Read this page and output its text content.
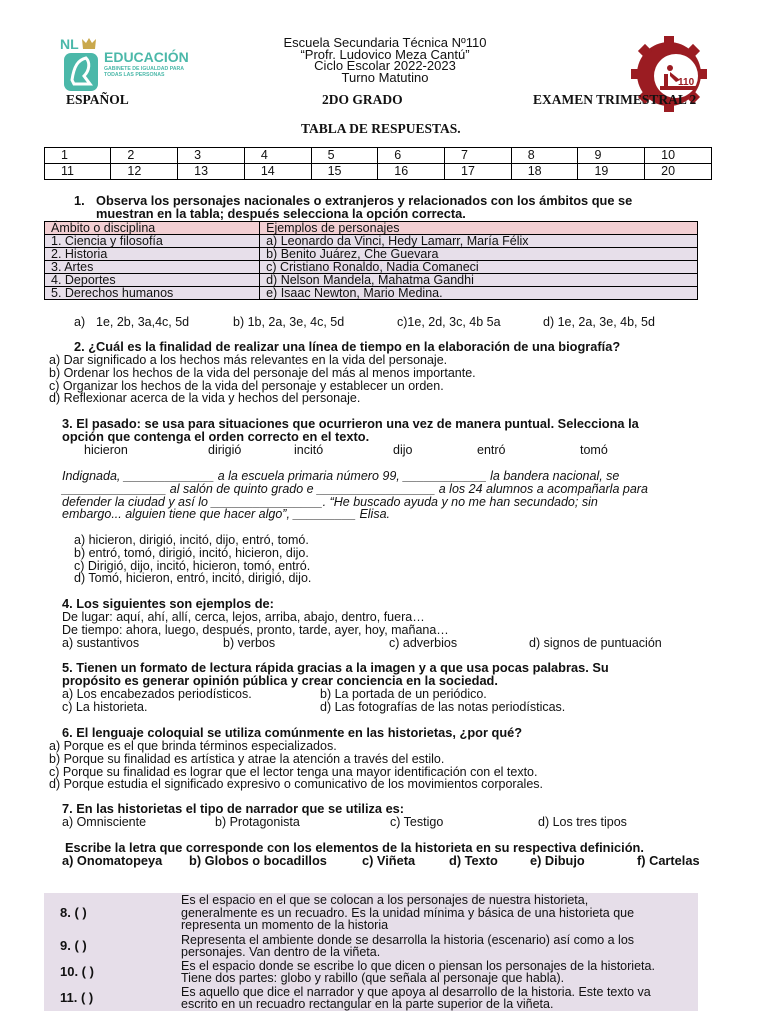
NL
EDUCACIÓN
GABINETE DE IGUALDAD PARA TODAS LAS PERSONAS
Escuela Secundaria Técnica Nº110
“Profr. Ludovico Meza Cantú”
Ciclo Escolar 2022-2023
Turno Matutino	110
ESPAÑOL	2DO GRADO	EXAMEN TRIMESTRAL 2
TABLA DE RESPUESTAS.
1	2	3	4	5	6	7	8	9	10
11	12	13	14	15	16	17	18	19	20
1. Observa los personajes nacionales o extranjeros y relacionados con los ámbitos que se
muestran en la tabla; después selecciona la opción correcta.
Ámbito o disciplina	Ejemplos de personajes
1. Ciencia y filosofía	a) Leonardo da Vinci, Hedy Lamarr, María Félix
2. Historia	b) Benito Juárez, Che Guevara
3. Artes	c) Cristiano Ronaldo, Nadia Comaneci
4. Deportes	d) Nelson Mandela, Mahatma Gandhi
5. Derechos humanos	e) Isaac Newton, Mario Medina.
a) 1e, 2b, 3a,4c, 5d	b) 1b, 2a, 3e, 4c, 5d	c)1e, 2d, 3c, 4b 5a	d) 1e, 2a, 3e, 4b, 5d
2. ¿Cuál es la finalidad de realizar una línea de tiempo en la elaboración de una biografía?
a) Dar significado a los hechos más relevantes en la vida del personaje.
b) Ordenar los hechos de la vida del personaje del más al menos importante.
c) Organizar los hechos de la vida del personaje y establecer un orden.
d) Reflexionar acerca de la vida y hechos del personaje.
3. El pasado: se usa para situaciones que ocurrieron una vez de manera puntual. Selecciona la
opción que contenga el orden correcto en el texto.
hicieron	dirigió	incitó	dijo	entró	tomó
Indignada, _____________ a la escuela primaria número 99, ____________ la bandera nacional, se
_______________ al salón de quinto grado e _________________ a los 24 alumnos a acompañarla para
defender la ciudad y así lo ________________. “He buscado ayuda y no me han secundado; sin
embargo... alguien tiene que hacer algo”, _________ Elisa.
a) hicieron, dirigió, incitó, dijo, entró, tomó.
b) entró, tomó, dirigió, incitó, hicieron, dijo.
c) Dirigió, dijo, incitó, hicieron, tomó, entró.
d) Tomó, hicieron, entró, incitó, dirigió, dijo.
4. Los siguientes son ejemplos de:
De lugar: aquí, ahí, allí, cerca, lejos, arriba, abajo, dentro, fuera…
De tiempo: ahora, luego, después, pronto, tarde, ayer, hoy, mañana…
a) sustantivos	b) verbos	c) adverbios	d) signos de puntuación
5. Tienen un formato de lectura rápida gracias a la imagen y a que usa pocas palabras. Su
propósito es generar opinión pública y crear conciencia en la sociedad.
a) Los encabezados periodísticos.	b) La portada de un periódico.
c) La historieta.	d) Las fotografías de las notas periodísticas.
6. El lenguaje coloquial se utiliza comúnmente en las historietas, ¿por qué?
a) Porque es el que brinda términos especializados.
b) Porque su finalidad es artística y atrae la atención a través del estilo.
c) Porque su finalidad es lograr que el lector tenga una mayor identificación con el texto.
d) Porque estudia el significado expresivo o comunicativo de los movimientos corporales.
7. En las historietas el tipo de narrador que se utiliza es:
a) Omnisciente	b) Protagonista	c) Testigo	d) Los tres tipos
Escribe la letra que corresponde con los elementos de la historieta en su respectiva definición.
a) Onomatopeya b) Globos o bocadillos	c) Viñeta	d) Texto	e) Dibujo	f) Cartelas
8. ( )	Es el espacio en el que se colocan a los personajes de nuestra historieta,
generalmente es un recuadro. Es la unidad mínima y básica de una historieta que
representa un momento de la historia

9. ( )	Representa el ambiente donde se desarrolla la historia (escenario) así como a los
personajes. Van dentro de la viñeta.

10. ( )	Es el espacio donde se escribe lo que dicen o piensan los personajes de la historieta.
Tiene dos partes: globo y rabillo (que señala al personaje que habla).

11. ( )	Es aquello que dice el narrador y que apoya al desarrollo de la historia. Este texto va
escrito en un recuadro rectangular en la parte superior de la viñeta.
